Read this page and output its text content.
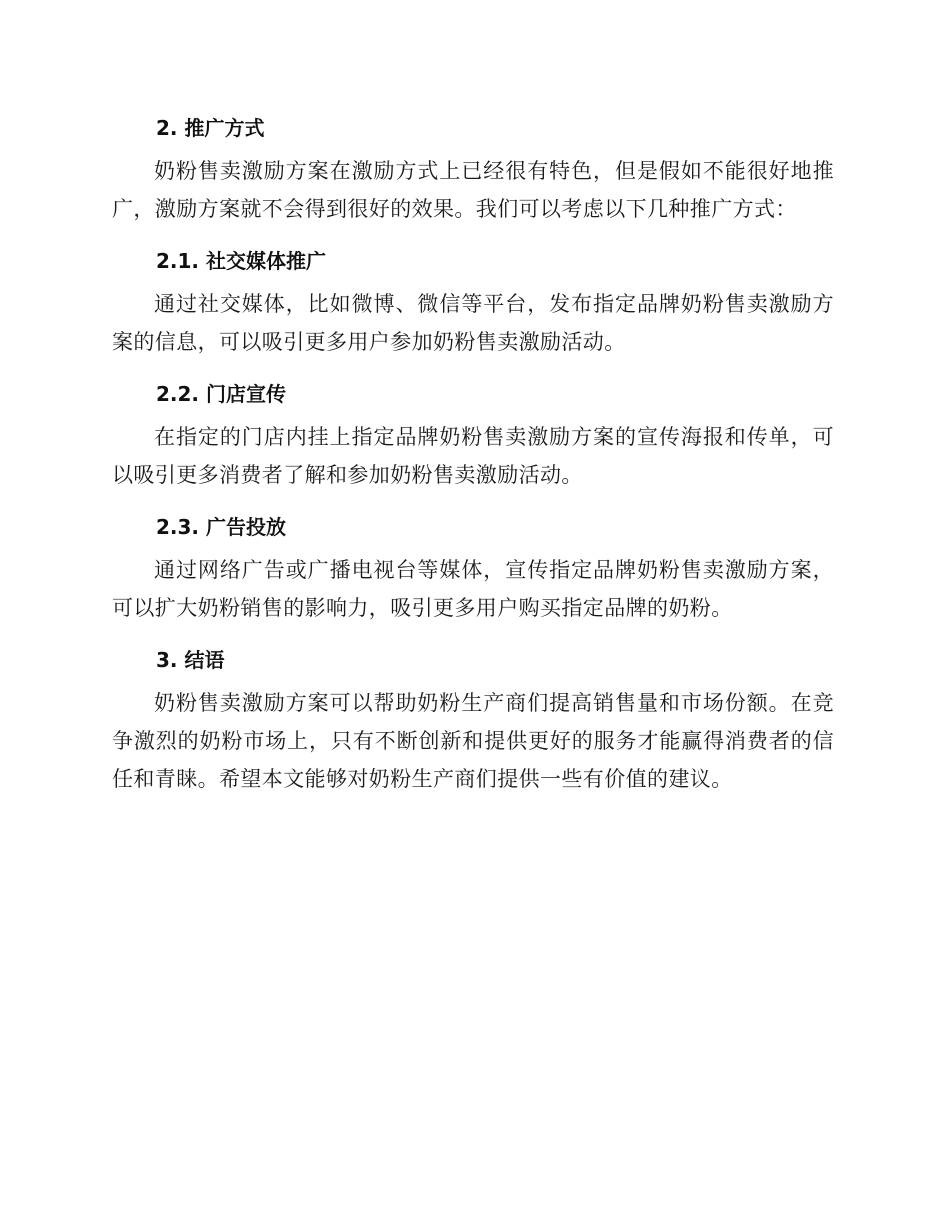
2. 推广方式

奶粉售卖激励方案在激励方式上已经很有特色，但是假如不能很好地推广，激励方案就不会得到很好的效果。我们可以考虑以下几种推广方式：

2.1. 社交媒体推广

通过社交媒体，比如微博、微信等平台，发布指定品牌奶粉售卖激励方案的信息，可以吸引更多用户参加奶粉售卖激励活动。

2.2. 门店宣传

在指定的门店内挂上指定品牌奶粉售卖激励方案的宣传海报和传单，可以吸引更多消费者了解和参加奶粉售卖激励活动。

2.3. 广告投放

通过网络广告或广播电视台等媒体，宣传指定品牌奶粉售卖激励方案，可以扩大奶粉销售的影响力，吸引更多用户购买指定品牌的奶粉。

3. 结语

奶粉售卖激励方案可以帮助奶粉生产商们提高销售量和市场份额。在竞争激烈的奶粉市场上，只有不断创新和提供更好的服务才能赢得消费者的信任和青睐。希望本文能够对奶粉生产商们提供一些有价值的建议。
